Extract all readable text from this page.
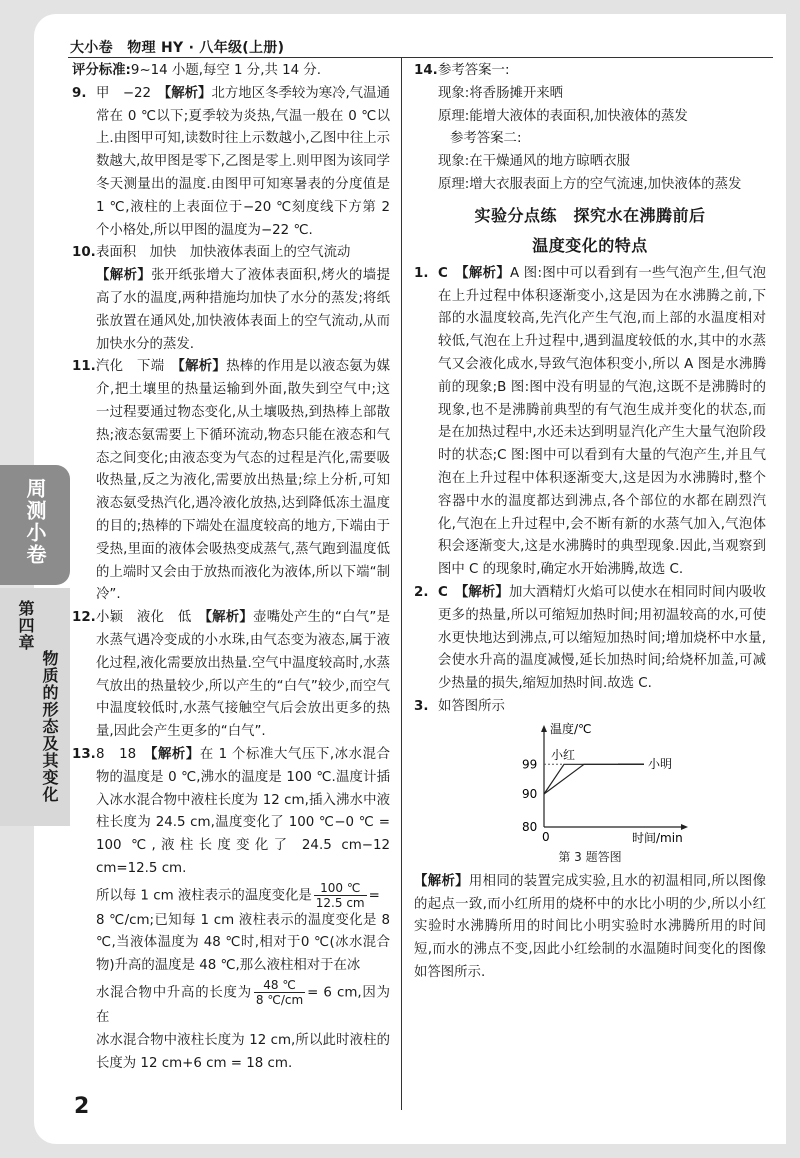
大小卷　物理 HY · 八年级(上册)
周测小卷
第四章
物质的形态及其变化

评分标准:9~14 小题,每空 1 分,共 14 分.

9. 甲　−22　【解析】北方地区冬季较为寒冷,气温通常在 0 ℃以下;夏季较为炎热,气温一般在 0 ℃以上.由图甲可知,读数时往上示数越小,乙图中往上示数越大,故甲图是零下,乙图是零上.则甲图为该同学冬天测量出的温度.由图甲可知寒暑表的分度值是 1 ℃,液柱的上表面位于−20 ℃刻度线下方第 2 个小格处,所以甲图的温度为−22 ℃.

10. 表面积　加快　加快液体表面上的空气流动
【解析】张开纸张增大了液体表面积,烤火的墙提高了水的温度,两种措施均加快了水分的蒸发;将纸张放置在通风处,加快液体表面上的空气流动,从而加快水分的蒸发.

11. 汽化　下端　【解析】热棒的作用是以液态氨为媒介,把土壤里的热量运输到外面,散失到空气中;这一过程要通过物态变化,从土壤吸热,到热棒上部散热;液态氨需要上下循环流动,物态只能在液态和气态之间变化;由液态变为气态的过程是汽化,需要吸收热量,反之为液化,需要放出热量;综上分析,可知液态氨受热汽化,遇冷液化放热,达到降低冻土温度的目的;热棒的下端处在温度较高的地方,下端由于受热,里面的液体会吸热变成蒸气,蒸气跑到温度低的上端时又会由于放热而液化为液体,所以下端“制冷”.

12. 小颖　液化　低　【解析】壶嘴处产生的“白气”是水蒸气遇冷变成的小水珠,由气态变为液态,属于液化过程,液化需要放出热量.空气中温度较高时,水蒸气放出的热量较少,所以产生的“白气”较少,而空气中温度较低时,水蒸气接触空气后会放出更多的热量,因此会产生更多的“白气”.

13. 8　18　【解析】在 1 个标准大气压下,冰水混合物的温度是 0 ℃,沸水的温度是 100 ℃.温度计插入冰水混合物中液柱长度为 12 cm,插入沸水中液柱长度为 24.5 cm,温度变化了 100 ℃−0 ℃ = 100 ℃,液柱长度变化了 24.5 cm−12 cm=12.5 cm.
所以每 1 cm 液柱表示的温度变化是 $\frac{100 ℃}{12.5 cm}$ =
8 ℃/cm;已知每 1 cm 液柱表示的温度变化是 8 ℃,当液体温度为 48 ℃时,相对于0 ℃(冰水混合物)升高的温度是 48 ℃,那么液柱相对于在冰
水混合物中升高的长度为 $\frac{48 ℃}{8 ℃/cm} = 6$ cm,因为在
冰水混合物中液柱长度为 12 cm,所以此时液柱的长度为 12 cm+6 cm = 18 cm.

14. 参考答案一:

现象:将香肠摊开来晒

原理:能增大液体的表面积,加快液体的蒸发

参考答案二:

现象:在干燥通风的地方晾晒衣服

原理:增大衣服表面上方的空气流速,加快液体的蒸发

实验分点练　探究水在沸腾前后
温度变化的特点

1. C　【解析】A 图:图中可以看到有一些气泡产生,但气泡在上升过程中体积逐渐变小,这是因为在水沸腾之前,下部的水温度较高,先汽化产生气泡,而上部的水温度相对较低,气泡在上升过程中,遇到温度较低的水,其中的水蒸气又会液化成水,导致气泡体积变小,所以 A 图是水沸腾前的现象;B 图:图中没有明显的气泡,这既不是沸腾时的现象,也不是沸腾前典型的有气泡生成并变化的状态,而是在加热过程中,水还未达到明显汽化产生大量气泡阶段时的状态;C 图:图中可以看到有大量的气泡产生,并且气泡在上升过程中体积逐渐变大,这是因为水沸腾时,整个容器中水的温度都达到沸点,各个部位的水都在剧烈汽化,气泡在上升过程中,会不断有新的水蒸气加入,气泡体积会逐渐变大,这是水沸腾时的典型现象.因此,当观察到图中 C 的现象时,确定水开始沸腾,故选 C.

2. C　【解析】加大酒精灯火焰可以使水在相同时间内吸收更多的热量,所以可缩短加热时间;用初温较高的水,可使水更快地达到沸点,可以缩短加热时间;增加烧杯中水量,会使水升高的温度减慢,延长加热时间;给烧杯加盖,可减少热量的损失,缩短加热时间.故选 C.

3. 如答图所示

温度/℃
时间/min
99
90
80
0
小红
小明
第 3 题答图

【解析】用相同的装置完成实验,且水的初温相同,所以图像的起点一致,而小红所用的烧杯中的水比小明的少,所以小红实验时水沸腾所用的时间比小明实验时水沸腾所用的时间短,而水的沸点不变,因此小红绘制的水温随时间变化的图像如答图所示.

2
